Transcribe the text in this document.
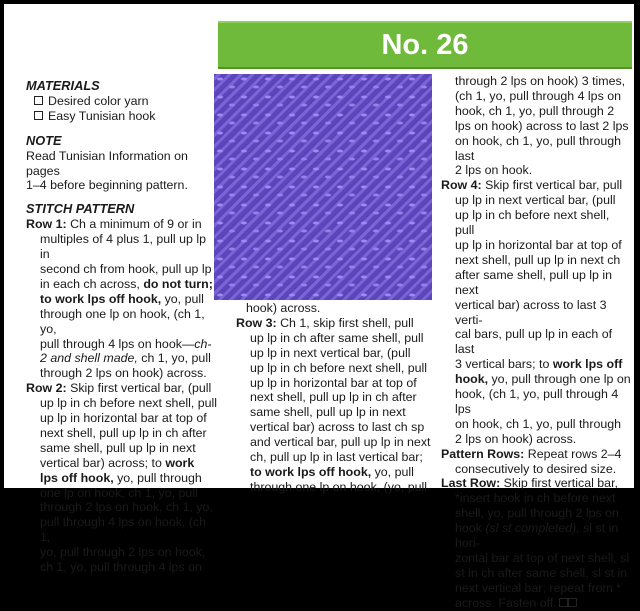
No. 26

MATERIALS

Desired color yarn

Easy Tunisian hook

NOTE

Read Tunisian Information on pages

1–4 before beginning pattern.

STITCH PATTERN

Row 1: Ch a minimum of 9 or in

multiples of 4 plus 1, pull up lp in

second ch from hook, pull up lp

in each ch across, do not turn;

to work lps off hook, yo, pull

through one lp on hook, (ch 1, yo,

pull through 4 lps on hook—ch-

2 and shell made, ch 1, yo, pull

through 2 lps on hook) across.

Row 2: Skip first vertical bar, (pull

up lp in ch before next shell, pull

up lp in horizontal bar at top of

next shell, pull up lp in ch after

same shell, pull up lp in next

vertical bar) across; to work

lps off hook, yo, pull through

one lp on hook, ch 1, yo, pull

through 2 lps on hook, ch 1, yo,

pull through 4 lps on hook, (ch 1,

yo, pull through 2 lps on hook,

ch 1, yo, pull through 4 lps on

hook) across.

Row 3: Ch 1, skip first shell, pull

up lp in ch after same shell, pull

up lp in next vertical bar, (pull

up lp in ch before next shell, pull

up lp in horizontal bar at top of

next shell, pull up lp in ch after

same shell, pull up lp in next

vertical bar) across to last ch sp

and vertical bar, pull up lp in next

ch, pull up lp in last vertical bar;

to work lps off hook, yo, pull

through one lp on hook, (yo, pull

through 2 lps on hook) 3 times,

(ch 1, yo, pull through 4 lps on

hook, ch 1, yo, pull through 2

lps on hook) across to last 2 lps

on hook, ch 1, yo, pull through last

2 lps on hook.

Row 4: Skip first vertical bar, pull

up lp in next vertical bar, (pull

up lp in ch before next shell, pull

up lp in horizontal bar at top of

next shell, pull up lp in next ch

after same shell, pull up lp in next

vertical bar) across to last 3 verti-

cal bars, pull up lp in each of last

3 vertical bars; to work lps off

hook, yo, pull through one lp on

hook, (ch 1, yo, pull through 4 lps

on hook, ch 1, yo, pull through

2 lps on hook) across.

Pattern Rows: Repeat rows 2–4

consecutively to desired size.

Last Row: Skip first vertical bar,

*insert hook in ch before next

shell, yo, pull through 2 lps on

hook (sl st completed), sl st in hori-

zontal bar at top of next shell, sl

st in ch after same shell, sl st in

next vertical bar; repeat from *

across. Fasten off.
